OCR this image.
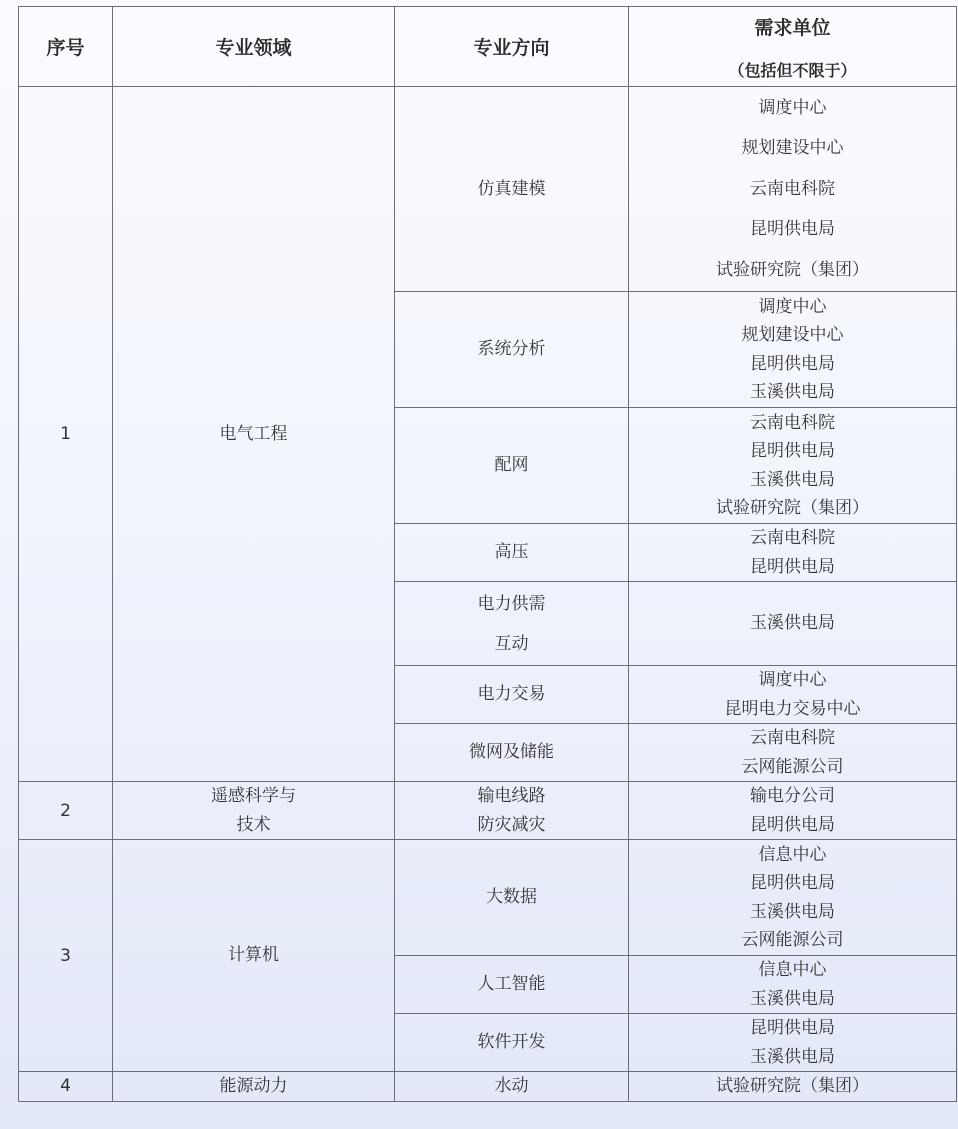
序号	专业领域	专业方向	需求单位
（包括但不限于）

1	电气工程	仿真建模	调度中心
规划建设中心
云南电科院
昆明供电局
试验研究院（集团）

		系统分析	调度中心
规划建设中心
昆明供电局
玉溪供电局

		配网	云南电科院
昆明供电局
玉溪供电局
试验研究院（集团）

		高压	云南电科院
昆明供电局

		电力供需
互动	玉溪供电局

		电力交易	调度中心
昆明电力交易中心

		微网及储能	云南电科院
云网能源公司

2	遥感科学与
技术	输电线路
防灾减灾	输电分公司
昆明供电局

3	计算机	大数据	信息中心
昆明供电局
玉溪供电局
云网能源公司

		人工智能	信息中心
玉溪供电局

		软件开发	昆明供电局
玉溪供电局

4	能源动力	水动	试验研究院（集团）
